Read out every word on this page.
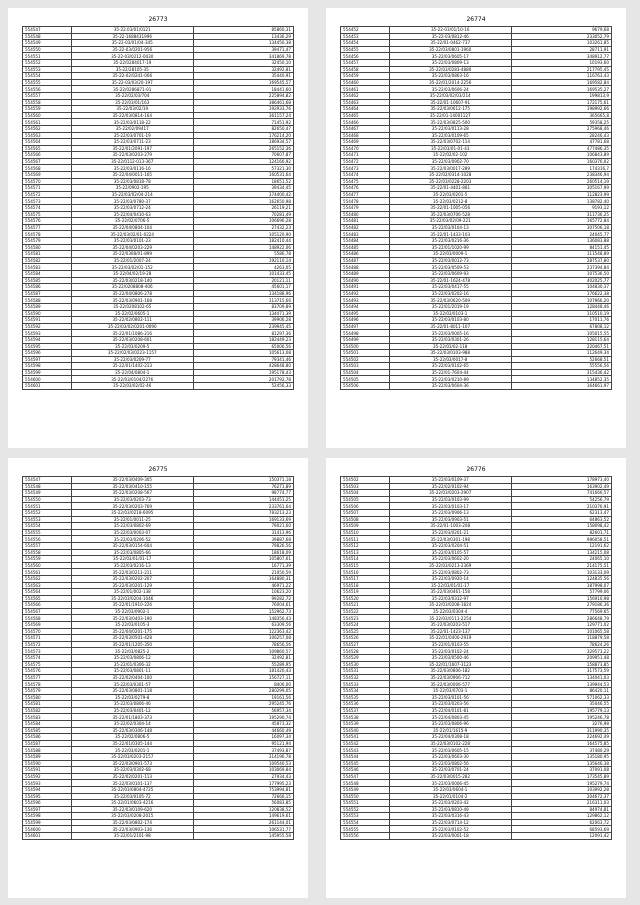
26773
554547	35-22.03/01/0121	85860,31
554548	35-22-1688431996	13436,29
554549	35-22-03/01/04-345	134450,38
554550	35-22-03/0201-956	39471,47
554551	35-22-03/0212-0430	341869,78
554552	35-22/0284017-19	32450,10
554553	35-22/28105-35	32492,81
554554	35-22-02/0241-066	35440,91
554555	35-22-03/03/20-197	169545,57
554556	35-22/0286871-01	18441,60
554557	35-22/02/03/704	225894,82
554558	35-22/03/01/163	386461,68
554559	35-22/03/02/19	192933,76
554560	35-22/03/0814-164	361157,24
554561	35-22/03/0118-22	71451,92
554562	35-22/02/09417	82650,47
554563	35-22/03/0701-19	176214,20
554564	35-22/03/0711-23	186934,57
554565	35-22/01/2091-197	265152,36
554566	35-22/03/0203-279	70607,87
554567	35-22/0112-013-367	124166,92
554568	35-22/03/0116-16	57321,30
554569	35-22/04/0011-165	160531,64
554570	35-22/03/0818-78	18651,52
554571	35-22/0902-195	39434,45
554572	35-22/03/02/04-214	374400,42
554573	35-22/03/0780-37	162650,98
554574	35-22/03/0712-24	26119,21
554575	35-22/04/0410-63	70281,49
554576	35-22/02/0706-5	106696,28
554577	35-22/04/0804-104	27432,23
554578	35-22/03/02/01-0224	105120,90
554579	35-22/03/0101-23	182410,44
554580	35-22/04/0203-229	148922,06
554581	35-22/0308/01-899	5586,78
554582	35-22/01/2007-24	192110,14
554583	35-22/03/02/01-152	4263,05
554584	35-22/04/02/19-28	101433,45
554585	35-22/03/0218-140	20121,11
554586	35-22/0208808-406	45601,17
554587	35-22/04/0806-278	134188,96
554588	35-22/03/0901-168	113715,66
554589	35-22/0208102-65	83709,89
554590	35-22/02/0605-1	134471,39
554591	35-22/02/0802-111	39906,28
554592	35-22/03/02/0201-0090	239945,45
554593	35-22/01/1086-216	81297,36
554594	35-22/03/0208-601	182449,23
554595	35-22/03/0209-5	65006,56
554596	35-22/02/03/0223-1157	105613,08
554597	35-22/03/0209-77	79341,46
554598	35-22/01/1402-213	428648,80
554599	35-22/04/0804-1	195178,43
554600	35-22/03/0104/2276	201792,78
554601	35-22/03/02/02-46	52456,33
26774
554452	35-22-03/01/10-16	9679,68
554453	35-22-03/0812-46	233052,79
554454	35-22/01-0462-737	103261,85
554455	35-22/03/0801-1960	28711,91
554456	35-22/03/0605-17	348912,77
554457	35-22/03/0809-13	10193,60
554458	35-22/03/0283-4880	217795,45
554459	35-22/03/0863-16	116763,43
554460	35-22/01/2014-2256	169582,84
554461	35-22/03/0606-24	169535,27
554462	35-22/03/02/03/214	199813,9
554463	35-22/01-10607-91	172175,61
554464	35-22/03/0612-175	198992,66
554465	35-22/01-14001127	365665,8
554466	35-22/03/0825-500	59358,25
554467	35-22/03/0113-28	275968,46
554468	35-22/03/0109-65	28246,43
554469	35-22/03/0702-114	47781,68
554470	35-22/03/01-01-43	477486,35
554471	35-22/02/02-102	106843,89
554472	35-22/03/0902-70	160376,02
554473	35-22/03/0017-289	174316,7
554474	35-22/02/0314-1028	238346,94
554475	35-22/03/0228-2203	260514,19
554476	35-22/01-4401-881	305167,99
554477	35-22/03/0201-5	112823,99
554478	35-22/03/0212-8	138782,40
554479	35-22/01-1005-056	9193,12
554480	35-22/03/0706-528	311736,25
554481	35-22/03/02/09-221	165772,84
554482	35-22/03/0104-13	307506,18
554483	35-22/01-1433-103	24045,77
554484	35-22/03/0216-36	136083,88
554485	35-22/01/1020-99	84151,45
554486	35-22/03/0009-1	111548,89
554487	35-22/03/0012-73	287537,80
554488	35-22/03/0509-53	237394,84
554489	35-22/03/0609-93	107536,50
554490	35-22/01-1624-478	402025,77
554491	35-22/03/0417-55	104830,37
554492	35-22/03/0202-16	176622,38
554493	35-22/03/0620-509	107966,20
554494	35-22/01/2019-19	128448,46
554495	35-22/03/0103-1	110510,19
554496	35-22/03/0103-80	17011,76
554497	35-22/01-8011-107	67808,12
554498	35-22/03/0005-16	105015,55
554499	35-22/03/0301-26	128115,64
554500	35-22/03/02-118	220467,51
554501	35-22/03/0103-988	112649,34
554502	35-22/03/0017-8	52668,51
554503	35-22/03/0102-65	55556,56
554504	35-22/01-7604-44	315436,42
554505	35-22/03/0210-89	134852,35
554506	35-22/03/0604-36	164661,97
26775
554547	35-22/03/0409-305	150371,18
554548	35-22/03/0410-155	76271,89
554549	35-22/03/0208-567	98774,77
554550	35-22/03/0203-73	144451,25
554551	35-22/03/0203-769	233761,64
554552	35-22/03/0218-6095	783213,23
554553	35-22/01/0011-25	169133,69
554554	35-22/03/0802-69	79021,60
554555	35-22/03/0003-07	31413,96
554556	35-22/03/0206-52	39887,68
554557	35-22/03/0154-604	79826,56
554558	35-22/03/0805-66	18618,09
554559	35-22/03/01/01-17	105807,61
554560	35-22/03/0216-13	16771,39
554561	35-22/03/0211-211	21050,59
554562	35-22/03/0202-207	164880,31
554563	35-22/03/0201-129	46971,22
554564	35-22/01/002-138	10623,20
554565	35-22/03/0204-1046	99282,72
554566	35-22/01/1910-226	76004,61
554567	35-22/03/0902-1	152962,73
554568	35-22/03/0403-190	148356,43
554569	35-22/03/0105-3	63309,56
554570	35-22/04/0201-175	122363,42
554571	35-22/03/0501-428	106257,08
554572	35-22/01/1205-350	78656,56
554573	35-22/03/0825-2	109860,57
554574	35-22/03/0806-12	32492,81
554575	35-22/01/0306-32	55289,95
554576	35-22/03/0801-11	181420,43
554577	35-22/02/0404-100	156727,11
554578	35-22/03/0301-57	8406,00
554579	35-22/03/0801-118	280299,05
554580	35-22/03/0279-8	19161,56
554581	35-22/03/0806-46	295245,76
554582	35-22/03/0401-12	56957,34
554583	35-22/01/1803-373	195290,74
554584	35-22/02/0304-14	45873,32
554585	35-22/03/0306-148	44660,49
554586	35-22/02/0806-5	16097,34
554587	35-22/01/0305-144	95121,94
554588	35-22/03/0201-1	37493,87
554589	35-22/03/0203-2157	314196,78
554590	35-22/03/0901-573	109540,53
554591	35-22/03/0302-68	103069,84
554592	35-22/02/0201-113	27934,43
554593	35-22/03/0101-137	177995,23
554594	35-22/03/0804-4725	753994,81
554595	35-22/03/0105-72	72666,15
554596	35-22/01/0603-4216	56083,85
554597	35-22/03/0109-620	120838,52
554598	35-22/03/0208-2015	149619,61
554599	35-22/03/0802-174	261144,01
554600	35-22/03/0903-136	106531,77
554601	35-22/01/2101-98	145955,58
26776
554502	35-22/03/0109-37	178973,40
554503	35-22/02/0102-94	163902,49
554504	35-22/03/0203-2907	741666,57
554505	35-22/03/0103-99	54256,79
554506	35-22/03/0103-17	210376,91
554507	35-22/03/0906-13	62313,47
554508	35-22/03/0903-51	64863,52
554509	35-22/01-1003-208	158098,42
554510	35-22/03/0201-21	82601,71
554511	35-22/03/0301-198	986058,51
554512	35-22/03/0204-51	12191,62
554513	35-22/03/0105-57	134215,08
554514	35-22/03/0602-20	24065,10
554515	35-22/03/0213-2369	214175,51
554516	35-22/03/0802-73	103133,09
554517	35-22/03/0920-14	124835,56
554518	35-22/03/01/01-17	187998,07
554519	35-22/03/0461-158	57799,06
554520	35-22/03/0312-97	156910,98
554521	35-22/03/0208-1824	279186,36
554522	35-22/03/0304-4	77569,65
554523	35-22/03/0111-2254	286648,79
554524	35-22/03/0203-517	129771,02
554525	35-22/01-1423-137	101065,58
554526	35-22/01/0400-2919	118879,58
554527	35-22/01/0103-55	78624,26
554528	35-22/03/0102-24	329573,22
554529	35-22/03/0500-46	209951,48
554530	35-22/01/1607-3123	158873,85
554531	35-22/03/0806-182	317573,59
554532	35-22/03/0906-712	134041,03
554533	35-22/03/0006-577	139944,53
554534	35-22/03/0703-1	86420,11
554535	35-22/03/0101-56	571062,33
554536	35-22/03/0203-56	35046,55
554537	35-22/04/0101-81	195779,13
554538	35-22/04/0803-45	195246,78
554539	35-22/03/0806-96	3276,98
554540	35-22/01/1615-9	311990,35
554541	35-22/04/0308-18	224692,49
554542	35-22/03/0102-228	164575,85
554543	35-22/03/0605-15	37480,29
554544	35-22/03/0603-30	135180,95
554545	35-22/03/0802-56	135646,38
554546	35-22/03/0701-24	37091,08
554547	35-22/03/0015-282	173545,89
554548	35-22/03/0006-45	195279,74
554549	35-22/03/0604-1	103992,28
554550	35-22/01/0104-2	204672,37
554551	35-22/03/0203-42	216311,03
554552	35-22/03/0810-49	84974,81
554553	35-22/03/0316-43	129862,12
554554	35-22/03/0714-12	62063,72
554555	35-22/03/0102-52	68593,69
554556	35-22/03/0001-18	12091,42
